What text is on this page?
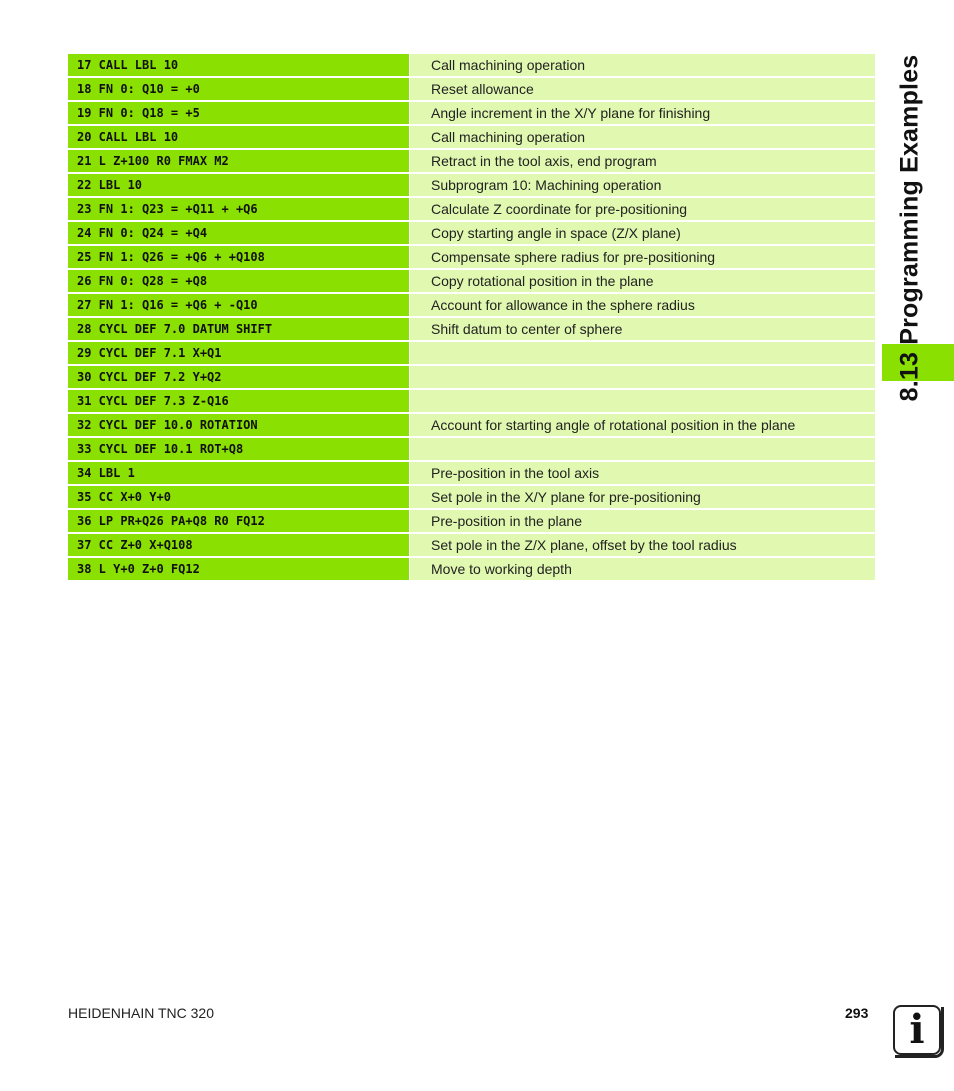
17 CALL LBL 10	Call machining operation
18 FN 0: Q10 = +0	Reset allowance
19 FN 0: Q18 = +5	Angle increment in the X/Y plane for finishing
20 CALL LBL 10	Call machining operation
21 L Z+100 R0 FMAX M2	Retract in the tool axis, end program
22 LBL 10	Subprogram 10: Machining operation
23 FN 1: Q23 = +Q11 + +Q6	Calculate Z coordinate for pre-positioning
24 FN 0: Q24 = +Q4	Copy starting angle in space (Z/X plane)
25 FN 1: Q26 = +Q6 + +Q108	Compensate sphere radius for pre-positioning
26 FN 0: Q28 = +Q8	Copy rotational position in the plane
27 FN 1: Q16 = +Q6 + -Q10	Account for allowance in the sphere radius
28 CYCL DEF 7.0 DATUM SHIFT	Shift datum to center of sphere
29 CYCL DEF 7.1 X+Q1
30 CYCL DEF 7.2 Y+Q2
31 CYCL DEF 7.3 Z-Q16
32 CYCL DEF 10.0 ROTATION	Account for starting angle of rotational position in the plane
33 CYCL DEF 10.1 ROT+Q8
34 LBL 1	Pre-position in the tool axis
35 CC X+0 Y+0	Set pole in the X/Y plane for pre-positioning
36 LP PR+Q26 PA+Q8 R0 FQ12	Pre-position in the plane
37 CC Z+0 X+Q108	Set pole in the Z/X plane, offset by the tool radius
38 L Y+0 Z+0 FQ12	Move to working depth
8.13 Programming Examples
HEIDENHAIN TNC 320	293	i
